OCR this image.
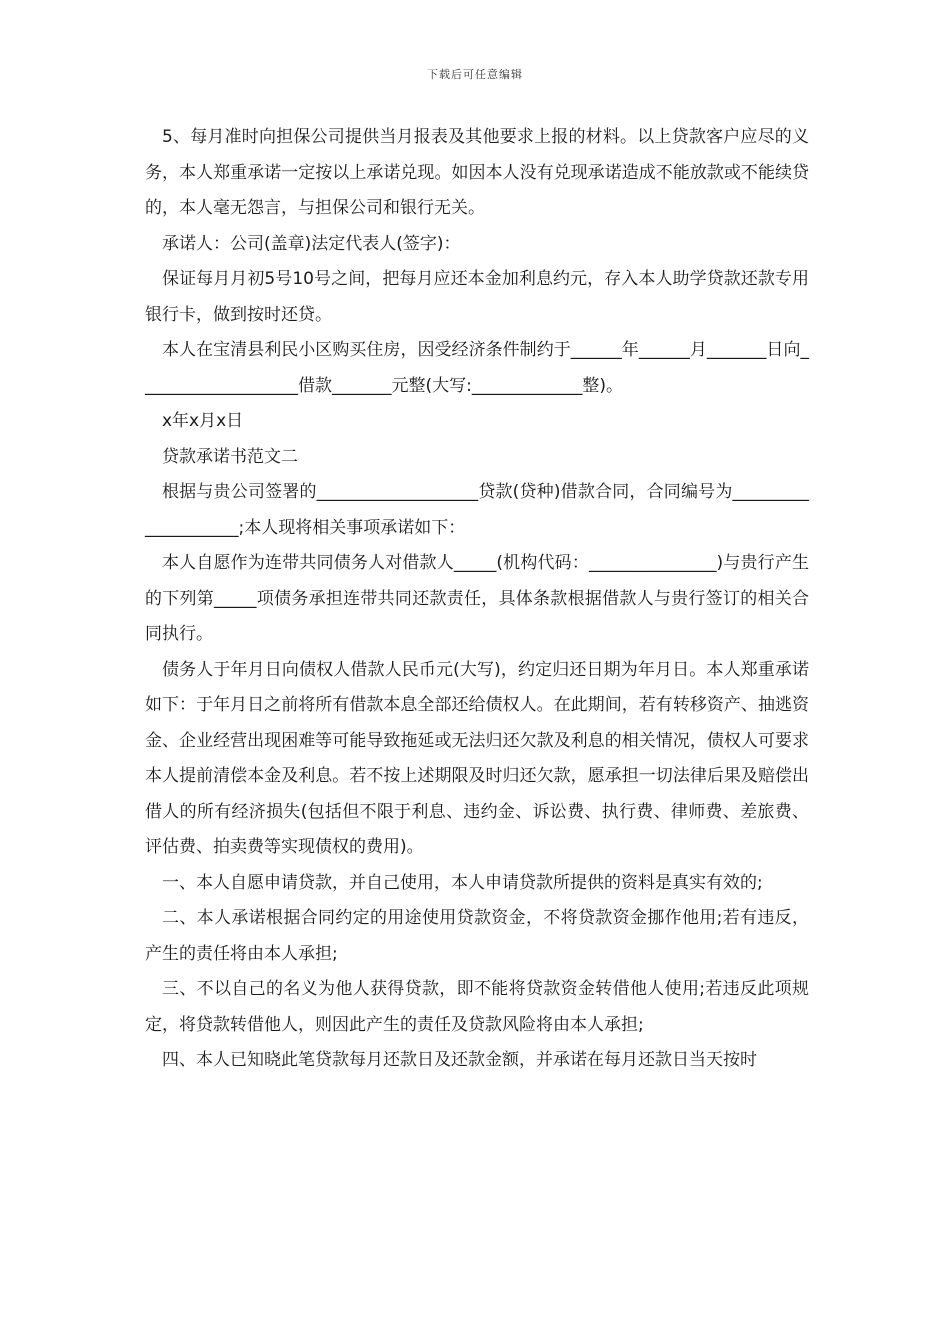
下载后可任意编辑

5、每月准时向担保公司提供当月报表及其他要求上报的材料。以上贷款客户应尽的义务，本人郑重承诺一定按以上承诺兑现。如因本人没有兑现承诺造成不能放款或不能续贷的，本人毫无怨言，与担保公司和银行无关。

承诺人：公司(盖章)法定代表人(签字)：

保证每月月初5号10号之间，把每月应还本金加利息约元，存入本人助学贷款还款专用银行卡，做到按时还贷。

本人在宝清县利民小区购买住房，因受经济条件制约于______年______月_______日向___________________借款_______元整(大写:_____________整)。

x年x月x日

贷款承诺书范文二

根据与贵公司签署的___________________贷款(贷种)借款合同，合同编号为____________________;本人现将相关事项承诺如下：

本人自愿作为连带共同债务人对借款人_____(机构代码：_______________)与贵行产生的下列第_____项债务承担连带共同还款责任，具体条款根据借款人与贵行签订的相关合同执行。

债务人于年月日向债权人借款人民币元(大写)，约定归还日期为年月日。本人郑重承诺如下：于年月日之前将所有借款本息全部还给债权人。在此期间，若有转移资产、抽逃资金、企业经营出现困难等可能导致拖延或无法归还欠款及利息的相关情况，债权人可要求本人提前清偿本金及利息。若不按上述期限及时归还欠款，愿承担一切法律后果及赔偿出借人的所有经济损失(包括但不限于利息、违约金、诉讼费、执行费、律师费、差旅费、评估费、拍卖费等实现债权的费用)。

一、本人自愿申请贷款，并自己使用，本人申请贷款所提供的资料是真实有效的;

二、本人承诺根据合同约定的用途使用贷款资金，不将贷款资金挪作他用;若有违反，产生的责任将由本人承担;

三、不以自己的名义为他人获得贷款，即不能将贷款资金转借他人使用;若违反此项规定，将贷款转借他人，则因此产生的责任及贷款风险将由本人承担;

四、本人已知晓此笔贷款每月还款日及还款金额，并承诺在每月还款日当天按时
